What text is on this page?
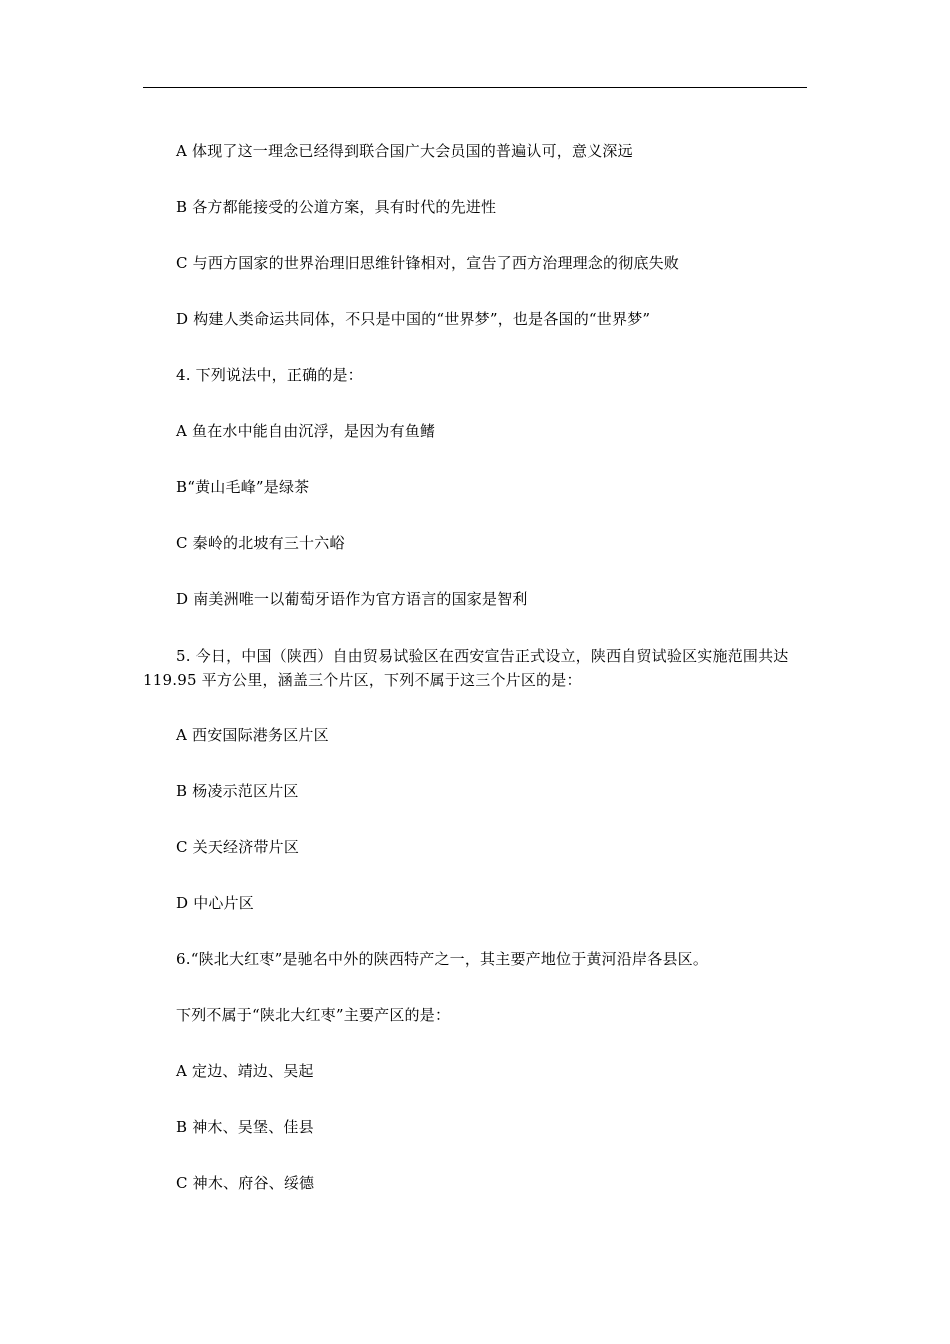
A 体现了这一理念已经得到联合国广大会员国的普遍认可，意义深远
B 各方都能接受的公道方案，具有时代的先进性
C 与西方国家的世界治理旧思维针锋相对，宣告了西方治理理念的彻底失败
D 构建人类命运共同体，不只是中国的“世界梦”，也是各国的“世界梦”
4. 下列说法中，正确的是：
A 鱼在水中能自由沉浮，是因为有鱼鳍
B“黄山毛峰”是绿茶
C 秦岭的北坡有三十六峪
D 南美洲唯一以葡萄牙语作为官方语言的国家是智利
5. 今日，中国（陕西）自由贸易试验区在西安宣告正式设立，陕西自贸试验区实施范围共达 119.95 平方公里，涵盖三个片区，下列不属于这三个片区的是：
A 西安国际港务区片区
B 杨凌示范区片区
C 关天经济带片区
D 中心片区
6.“陕北大红枣”是驰名中外的陕西特产之一，其主要产地位于黄河沿岸各县区。
下列不属于“陕北大红枣”主要产区的是：
A 定边、靖边、吴起
B 神木、吴堡、佳县
C 神木、府谷、绥德
